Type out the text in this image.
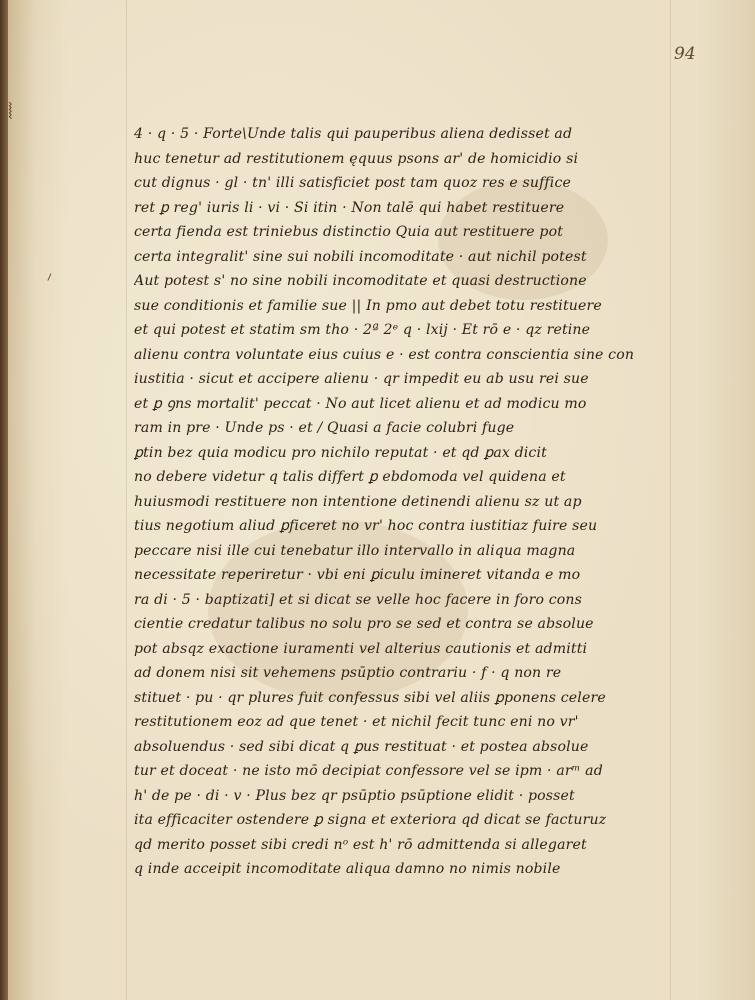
94
⸝
⦚
4 · q · 5 · Forte\Unde talis qui pauperibus aliena dedisset ad
huc tenetur ad restitutionem ęquus psons ar' de homicidio si
cut dignus · gl · tn' illi satisficiet post tam quoz res e suffice
ret ꝑ reg' iuris li · vi · Si itin · Non talē qui habet restituere
certa fienda est triniebus distinctio Quia aut restituere pot
certa integralit' sine sui nobili incomoditate · aut nichil potest
Aut potest s' no sine nobili incomoditate et quasi destructione
sue conditionis et familie sue || In pmo aut debet totu restituere
et qui potest et statim sm tho · 2ª 2ᵉ q · lxij · Et rō e · qz retine
alienu contra voluntate eius cuius e · est contra conscientia sine con
iustitia · sicut et accipere alienu · qr impedit eu ab usu rei sue
et ꝑ ꝯns mortalit' peccat · No aut licet alienu et ad modicu mo
ram in pre · Unde ps · et / Quasi a facie colubri fuge
ꝑtin bez quia modicu pro nichilo reputat · et qd ꝑax dicit
no debere videtur q talis differt ꝑ ebdomoda vel quidena et
huiusmodi restituere non intentione detinendi alienu sz ut ap
tius negotium aliud ꝑficeret no vr' hoc contra iustitiaz fuire seu
peccare nisi ille cui tenebatur illo intervallo in aliqua magna
necessitate reperiretur · vbi eni ꝑiculu imineret vitanda e mo
ra di · 5 · baptizati] et si dicat se velle hoc facere in foro cons
cientie credatur talibus no solu pro se sed et contra se absolue
pot absqz exactione iuramenti vel alterius cautionis et admitti
ad donem nisi sit vehemens psūptio contrariu · f · q non re
stituet · pu · qr plures fuit confessus sibi vel aliis ꝑponens celere
restitutionem eoz ad que tenet · et nichil fecit tunc eni no vr'
absoluendus · sed sibi dicat q ꝑus restituat · et postea absolue
tur et doceat · ne isto mō decipiat confessore vel se ipm · arᵐ ad
h' de pe · di · v · Plus bez qr psūptio psūptione elidit · posset
ita efficaciter ostendere ꝑ signa et exteriora qd dicat se facturuz
qd merito posset sibi credi nᵒ est h' rō admittenda si allegaret
q inde acceipit incomoditate aliqua damno no nimis nobile
